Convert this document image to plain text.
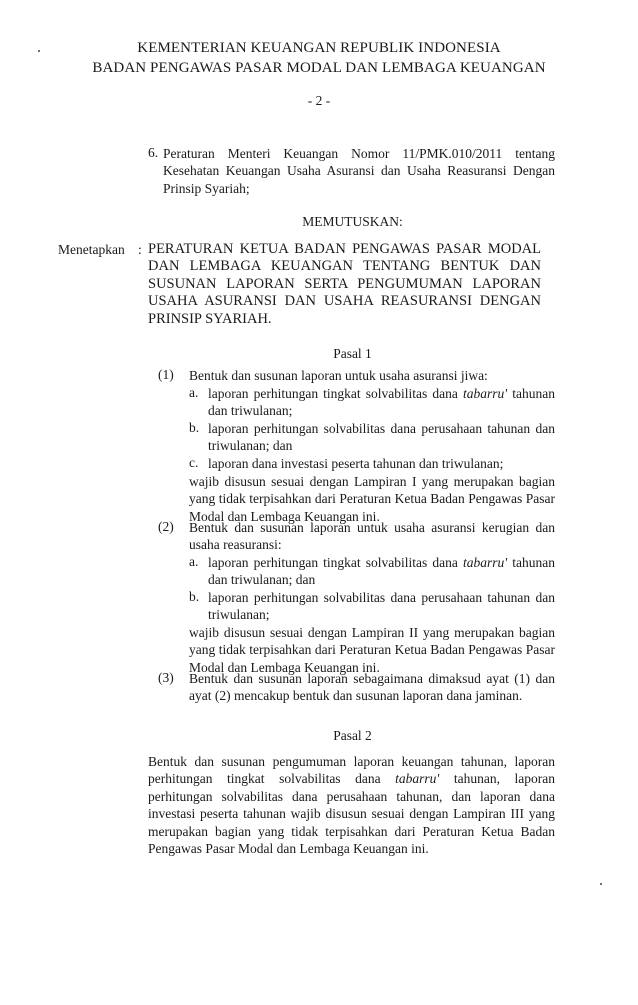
KEMENTERIAN KEUANGAN REPUBLIK INDONESIA
BADAN PENGAWAS PASAR MODAL DAN LEMBAGA KEUANGAN
- 2 -
6. Peraturan Menteri Keuangan Nomor 11/PMK.010/2011 tentang Kesehatan Keuangan Usaha Asuransi dan Usaha Reasuransi Dengan Prinsip Syariah;
MEMUTUSKAN:
Menetapkan : PERATURAN KETUA BADAN PENGAWAS PASAR MODAL DAN LEMBAGA KEUANGAN TENTANG BENTUK DAN SUSUNAN LAPORAN SERTA PENGUMUMAN LAPORAN USAHA ASURANSI DAN USAHA REASURANSI DENGAN PRINSIP SYARIAH.
Pasal 1
(1) Bentuk dan susunan laporan untuk usaha asuransi jiwa:
a. laporan perhitungan tingkat solvabilitas dana tabarru' tahunan dan triwulanan;
b. laporan perhitungan solvabilitas dana perusahaan tahunan dan triwulanan; dan
c. laporan dana investasi peserta tahunan dan triwulanan;
wajib disusun sesuai dengan Lampiran I yang merupakan bagian yang tidak terpisahkan dari Peraturan Ketua Badan Pengawas Pasar Modal dan Lembaga Keuangan ini.
(2) Bentuk dan susunan laporan untuk usaha asuransi kerugian dan usaha reasuransi:
a. laporan perhitungan tingkat solvabilitas dana tabarru' tahunan dan triwulanan; dan
b. laporan perhitungan solvabilitas dana perusahaan tahunan dan triwulanan;
wajib disusun sesuai dengan Lampiran II yang merupakan bagian yang tidak terpisahkan dari Peraturan Ketua Badan Pengawas Pasar Modal dan Lembaga Keuangan ini.
(3) Bentuk dan susunan laporan sebagaimana dimaksud ayat (1) dan ayat (2) mencakup bentuk dan susunan laporan dana jaminan.
Pasal 2
Bentuk dan susunan pengumuman laporan keuangan tahunan, laporan perhitungan tingkat solvabilitas dana tabarru' tahunan, laporan perhitungan solvabilitas dana perusahaan tahunan, dan laporan dana investasi peserta tahunan wajib disusun sesuai dengan Lampiran III yang merupakan bagian yang tidak terpisahkan dari Peraturan Ketua Badan Pengawas Pasar Modal dan Lembaga Keuangan ini.
